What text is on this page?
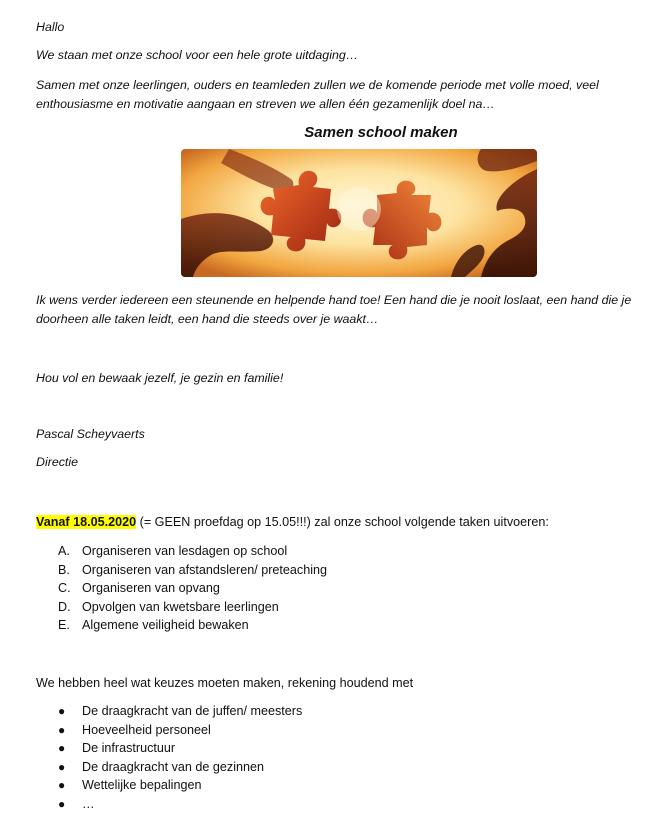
Hallo
We staan met onze school voor een hele grote uitdaging…
Samen met onze leerlingen, ouders en teamleden zullen we de komende periode met volle moed, veel enthousiasme en motivatie aangaan en streven we allen één gezamenlijk doel na…
Samen school maken
Ik wens verder iedereen een steunende en helpende hand toe! Een hand die je nooit loslaat, een hand die je doorheen alle taken leidt, een hand die steeds over je waakt…
Hou vol en bewaak jezelf, je gezin en familie!
Pascal Scheyvaerts
Directie
Vanaf 18.05.2020 (= GEEN proefdag op 15.05!!!) zal onze school volgende taken uitvoeren:
A. Organiseren van lesdagen op school
B. Organiseren van afstandsleren/ preteaching
C. Organiseren van opvang
D. Opvolgen van kwetsbare leerlingen
E. Algemene veiligheid bewaken
We hebben heel wat keuzes moeten maken, rekening houdend met
● De draagkracht van de juffen/ meesters
● Hoeveelheid personeel
● De infrastructuur
● De draagkracht van de gezinnen
● Wettelijke bepalingen
● …
